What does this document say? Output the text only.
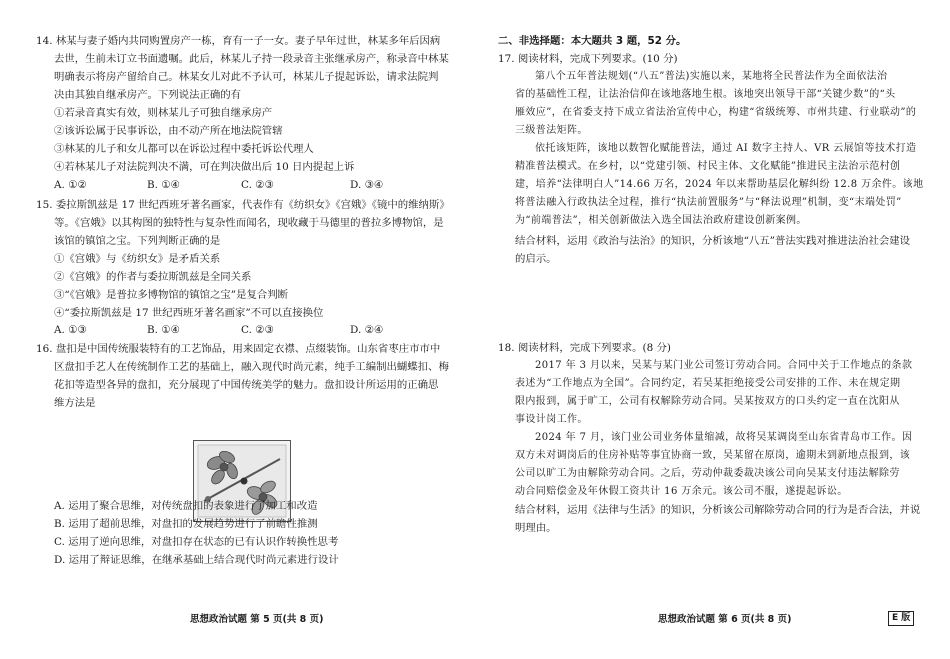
14. 林某与妻子婚内共同购置房产一栋，育有一子一女。妻子早年过世，林某多年后因病
去世，生前未订立书面遗嘱。此后，林某儿子持一段录音主张继承房产，称录音中林某
明确表示将房产留给自己。林某女儿对此不予认可，林某儿子提起诉讼，请求法院判
决由其独自继承房产。下列说法正确的有
①若录音真实有效，则林某儿子可独自继承房产
②该诉讼属于民事诉讼，由不动产所在地法院管辖
③林某的儿子和女儿都可以在诉讼过程中委托诉讼代理人
④若林某儿子对法院判决不满，可在判决做出后 10 日内提起上诉
A. ①②	B. ①④	C. ②③	D. ③④
15. 委拉斯凯兹是 17 世纪西班牙著名画家，代表作有《纺织女》《宫娥》《镜中的维纳斯》
等。《宫娥》以其构图的独特性与复杂性而闻名，现收藏于马德里的普拉多博物馆，是
该馆的镇馆之宝。下列判断正确的是
①《宫娥》与《纺织女》是矛盾关系
②《宫娥》的作者与委拉斯凯兹是全同关系
③“《宫娥》是普拉多博物馆的镇馆之宝”是复合判断
④“委拉斯凯兹是 17 世纪西班牙著名画家”不可以直接换位
A. ①③	B. ①④	C. ②③	D. ②④
16. 盘扣是中国传统服装特有的工艺饰品，用来固定衣襟、点缀装饰。山东省枣庄市市中
区盘扣手艺人在传统制作工艺的基础上，融入现代时尚元素，纯手工编制出蝴蝶扣、梅
花扣等造型各异的盘扣，充分展现了中国传统美学的魅力。盘扣设计所运用的正确思
维方法是
A. 运用了聚合思维，对传统盘扣的表象进行了加工和改造
B. 运用了超前思维，对盘扣的发展趋势进行了前瞻性推测
C. 运用了逆向思维，对盘扣存在状态的已有认识作转换性思考
D. 运用了辩证思维，在继承基础上结合现代时尚元素进行设计
思想政治试题 第 5 页(共 8 页)
二、非选择题：本大题共 3 题，52 分。
17. 阅读材料，完成下列要求。(10 分)
第八个五年普法规划(“八五”普法)实施以来，某地将全民普法作为全面依法治
省的基础性工程，让法治信仰在该地落地生根。该地突出领导干部“关键少数”的“头
雁效应”，在省委支持下成立省法治宣传中心，构建“省级统筹、市州共建、行业联动”的
三级普法矩阵。
依托该矩阵，该地以数智化赋能普法，通过 AI 数字主持人、VR 云展馆等技术打造
精准普法模式。在乡村，以“党建引领、村民主体、文化赋能”推进民主法治示范村创
建，培养“法律明白人”14.66 万名，2024 年以来帮助基层化解纠纷 12.8 万余件。该地
将普法融入行政执法全过程，推行“执法前置服务”与“释法说理”机制，变“末端处罚”
为“前端普法”，相关创新做法入选全国法治政府建设创新案例。
结合材料，运用《政治与法治》的知识，分析该地“八五”普法实践对推进法治社会建设
的启示。
18. 阅读材料，完成下列要求。(8 分)
2017 年 3 月以来，吴某与某门业公司签订劳动合同。合同中关于工作地点的条款
表述为“工作地点为全国”。合同约定，若吴某拒绝接受公司安排的工作、未在规定期
限内报到，属于旷工，公司有权解除劳动合同。吴某按双方的口头约定一直在沈阳从
事设计岗工作。
2024 年 7 月，该门业公司业务体量缩减，故将吴某调岗至山东省青岛市工作。因
双方未对调岗后的住房补贴等事宜协商一致，吴某留在原岗，逾期未到新地点报到，该
公司以旷工为由解除劳动合同。之后，劳动仲裁委裁决该公司向吴某支付违法解除劳
动合同赔偿金及年休假工资共计 16 万余元。该公司不服，遂提起诉讼。
结合材料，运用《法律与生活》的知识，分析该公司解除劳动合同的行为是否合法，并说
明理由。
思想政治试题 第 6 页(共 8 页)	E 版
